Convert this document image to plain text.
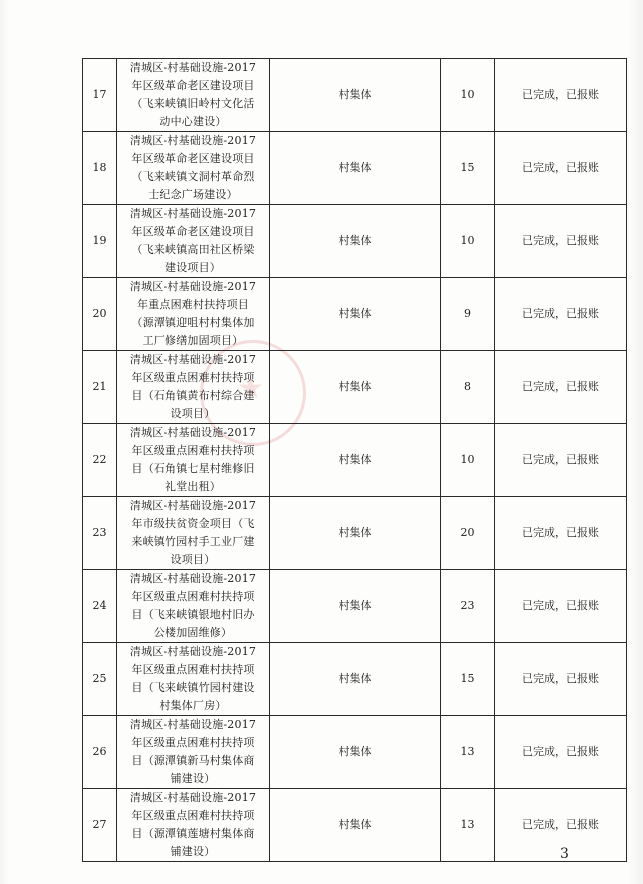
17	清城区-村基础设施-2017年区级革命老区建设项目（飞来峡镇旧岭村文化活动中心建设）	村集体	10	已完成，已报账
18	清城区-村基础设施-2017年区级革命老区建设项目（飞来峡镇文洞村革命烈士纪念广场建设）	村集体	15	已完成，已报账
19	清城区-村基础设施-2017年区级革命老区建设项目（飞来峡镇高田社区桥梁建设项目）	村集体	10	已完成，已报账
20	清城区-村基础设施-2017年重点困难村扶持项目（源潭镇迎咀村村集体加工厂修缮加固项目）	村集体	9	已完成，已报账
21	清城区-村基础设施-2017年区级重点困难村扶持项目（石角镇黄布村综合建设项目）	村集体	8	已完成，已报账
22	清城区-村基础设施-2017年区级重点困难村扶持项目（石角镇七星村维修旧礼堂出租）	村集体	10	已完成，已报账
23	清城区-村基础设施-2017年市级扶贫资金项目（飞来峡镇竹园村手工业厂建设项目）	村集体	20	已完成，已报账
24	清城区-村基础设施-2017年区级重点困难村扶持项目（飞来峡镇银地村旧办公楼加固维修）	村集体	23	已完成，已报账
25	清城区-村基础设施-2017年区级重点困难村扶持项目（飞来峡镇竹园村建设村集体厂房）	村集体	15	已完成，已报账
26	清城区-村基础设施-2017年区级重点困难村扶持项目（源潭镇新马村集体商铺建设）	村集体	13	已完成，已报账
27	清城区-村基础设施-2017年区级重点困难村扶持项目（源潭镇莲塘村集体商铺建设）	村集体	13	已完成，已报账
3
